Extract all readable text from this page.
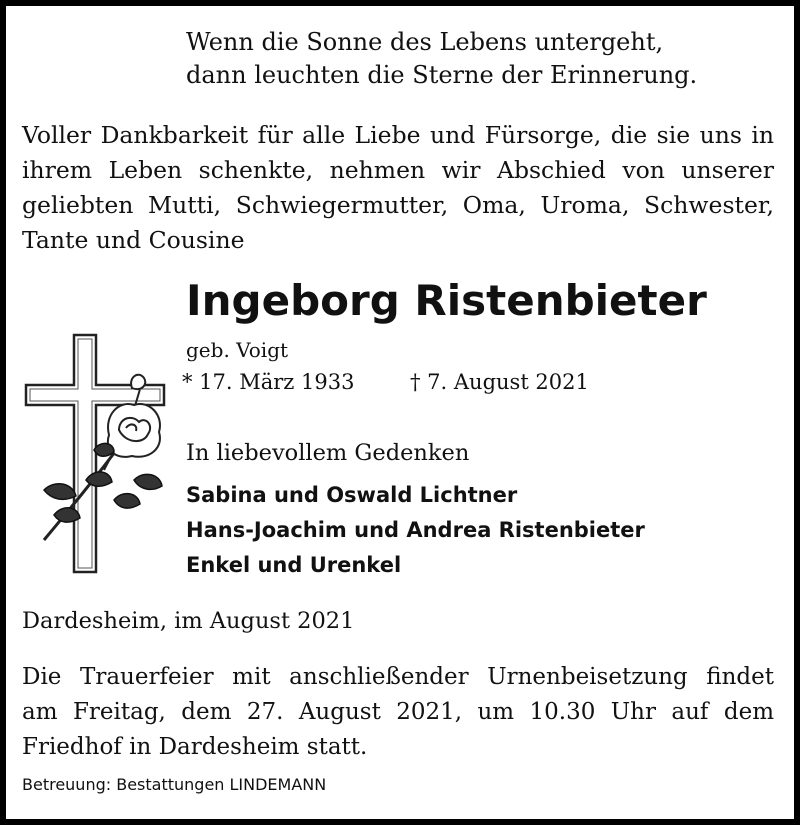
Wenn die Sonne des Lebens untergeht,
dann leuchten die Sterne der Erinnerung.
Voller Dankbarkeit für alle Liebe und Fürsorge, die sie uns in ihrem Leben schenkte, nehmen wir Abschied von unserer geliebten Mutti, Schwiegermutter, Oma, Uroma, Schwester, Tante und Cousine
Ingeborg Ristenbieter
geb. Voigt
* 17. März 1933	† 7. August 2021
In liebevollem Gedenken
Sabina und Oswald Lichtner
Hans-Joachim und Andrea Ristenbieter
Enkel und Urenkel
Dardesheim, im August 2021
Die Trauerfeier mit anschließender Urnenbeisetzung findet
am Freitag, dem 27. August 2021, um 10.30 Uhr auf dem
Friedhof in Dardesheim statt.
Betreuung: Bestattungen LINDEMANN
